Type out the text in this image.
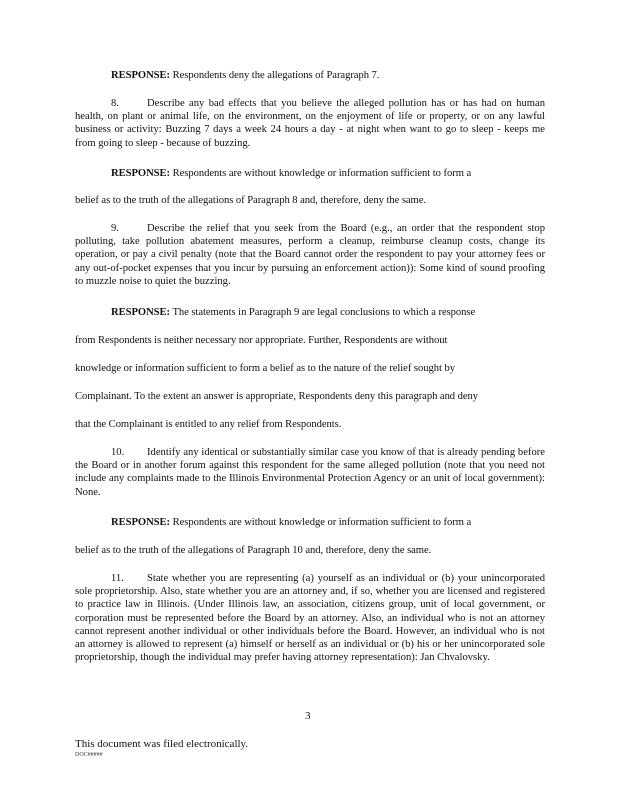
RESPONSE: Respondents deny the allegations of Paragraph 7.
8.	Describe any bad effects that you believe the alleged pollution has or has had on human health, on plant or animal life, on the environment, on the enjoyment of life or property, or on any lawful business or activity: Buzzing 7 days a week 24 hours a day - at night when want to go to sleep - keeps me from going to sleep - because of buzzing.
RESPONSE: Respondents are without knowledge or information sufficient to form a
belief as to the truth of the allegations of Paragraph 8 and, therefore, deny the same.
9.	Describe the relief that you seek from the Board (e.g., an order that the respondent stop polluting, take pollution abatement measures, perform a cleanup, reimburse cleanup costs, change its operation, or pay a civil penalty (note that the Board cannot order the respondent to pay your attorney fees or any out-of-pocket expenses that you incur by pursuing an enforcement action)): Some kind of sound proofing to muzzle noise to quiet the buzzing.
RESPONSE: The statements in Paragraph 9 are legal conclusions to which a response
from Respondents is neither necessary nor appropriate. Further, Respondents are without
knowledge or information sufficient to form a belief as to the nature of the relief sought by
Complainant. To the extent an answer is appropriate, Respondents deny this paragraph and deny
that the Complainant is entitled to any relief from Respondents.
10. Identify any identical or substantially similar case you know of that is already pending before the Board or in another forum against this respondent for the same alleged pollution (note that you need not include any complaints made to the Illinois Environmental Protection Agency or an unit of local government): None.
RESPONSE: Respondents are without knowledge or information sufficient to form a
belief as to the truth of the allegations of Paragraph 10 and, therefore, deny the same.
11. State whether you are representing (a) yourself as an individual or (b) your unincorporated sole proprietorship. Also, state whether you are an attorney and, if so, whether you are licensed and registered to practice law in Illinois. (Under Illinois law, an association, citizens group, unit of local government, or corporation must be represented before the Board by an attorney. Also, an individual who is not an attorney cannot represent another individual or other individuals before the Board. However, an individual who is not an attorney is allowed to represent (a) himself or herself as an individual or (b) his or her unincorporated sole proprietorship, though the individual may prefer having attorney representation): Jan Chvalovsky.
3
This document was filed electronically.
DOC#####
